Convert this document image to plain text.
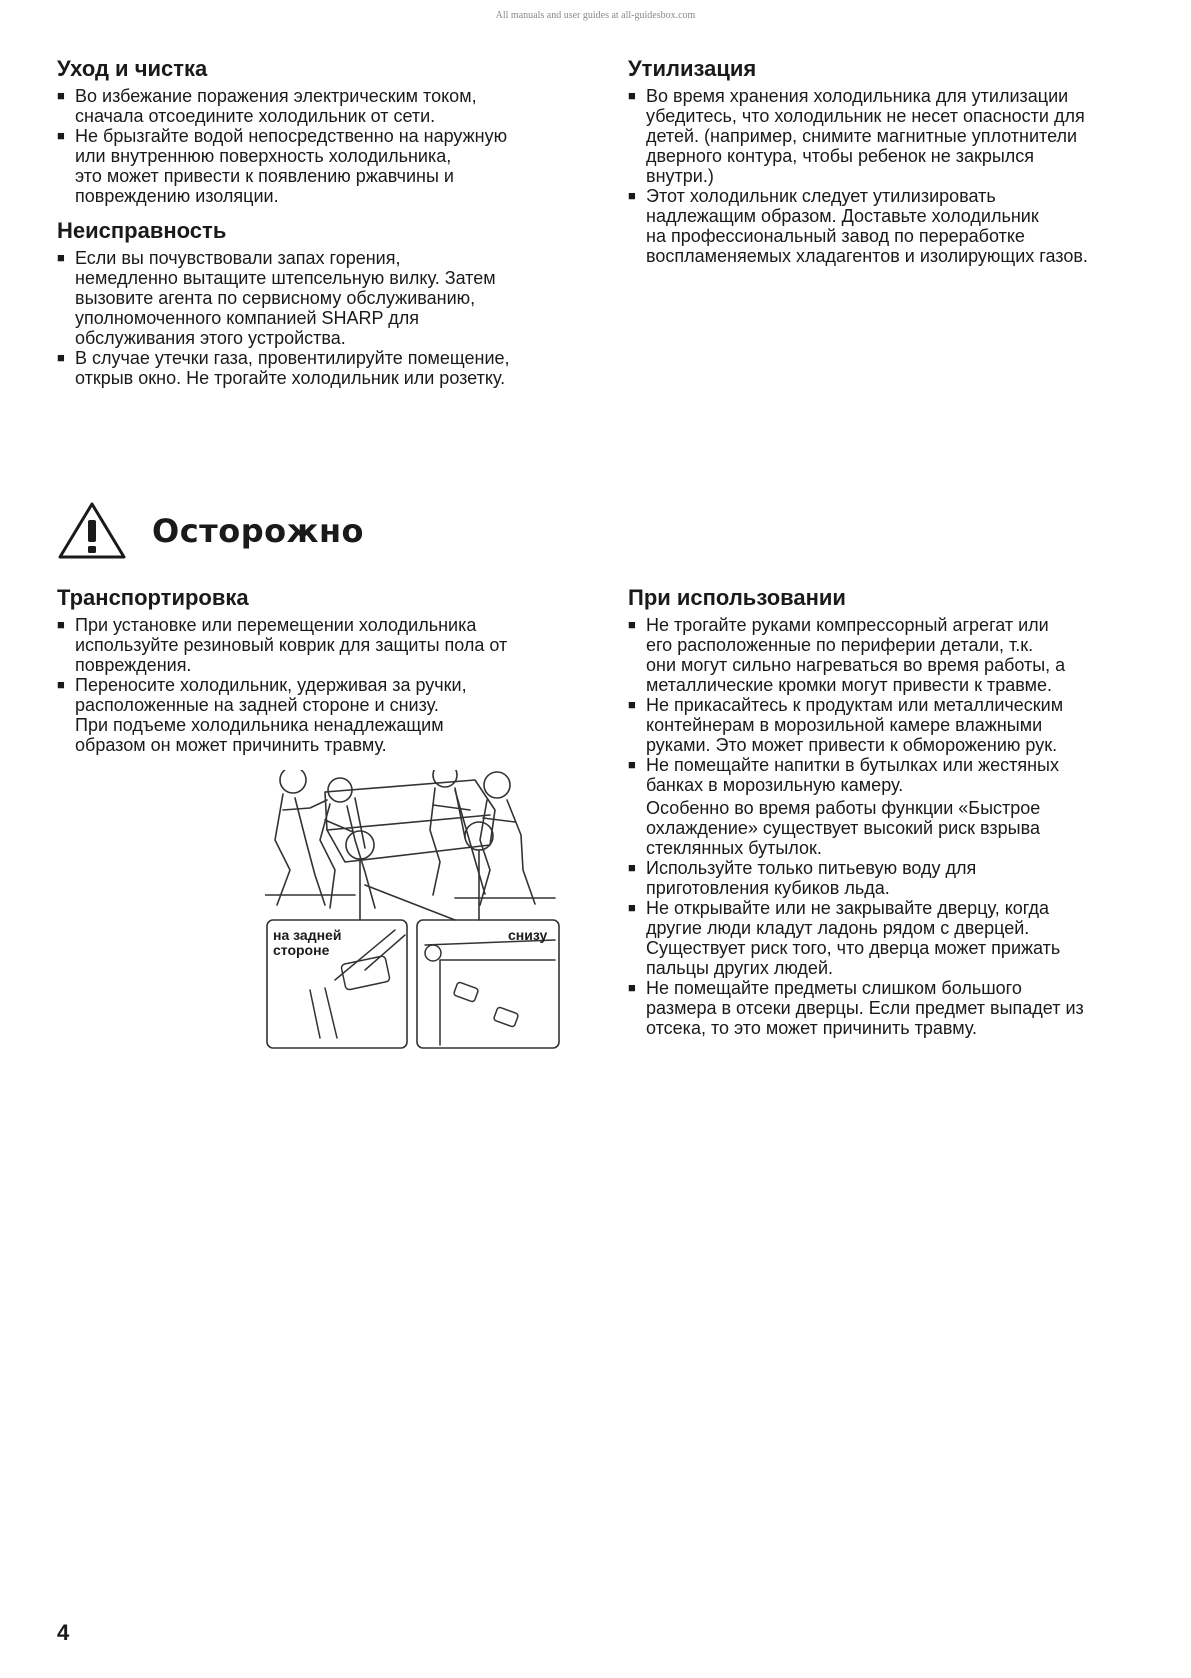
All manuals and user guides at all-guidesbox.com
Уход и чистка
■ Во избежание поражения электрическим током,
сначала отсоедините холодильник от сети.
■ Не брызгайте водой непосредственно на наружную
или внутреннюю поверхность холодильника,
это может привести к появлению ржавчины и
повреждению изоляции.
Неисправность
■ Если вы почувствовали запах горения,
немедленно вытащите штепсельную вилку. Затем
вызовите агента по сервисному обслуживанию,
уполномоченного компанией SHARP для
обслуживания этого устройства.
■ В случае утечки газа, провентилируйте помещение,
открыв окно. Не трогайте холодильник или розетку.
Утилизация
■ Во время хранения холодильника для утилизации
убедитесь, что холодильник не несет опасности для
детей. (например, снимите магнитные уплотнители
дверного контура, чтобы ребенок не закрылся
внутри.)
■ Этот холодильник следует утилизировать
надлежащим образом. Доставьте холодильник
на профессиональный завод по переработке
воспламеняемых хладагентов и изолирующих газов.
Осторожно
Транспортировка
■ При установке или перемещении холодильника
используйте резиновый коврик для защиты пола от
повреждения.
■ Переносите холодильник, удерживая за ручки,
расположенные на задней стороне и снизу.
При подъеме холодильника ненадлежащим
образом он может причинить травму.
на задней
стороне
снизу
При использовании
■ Не трогайте руками компрессорный агрегат или
его расположенные по периферии детали, т.к.
они могут сильно нагреваться во время работы, а
металлические кромки могут привести к травме.
■ Не прикасайтесь к продуктам или металлическим
контейнерам в морозильной камере влажными
руками. Это может привести к обморожению рук.
■ Не помещайте напитки в бутылках или жестяных
банках в морозильную камеру.
Особенно во время работы функции «Быстрое
охлаждение» существует высокий риск взрыва
стеклянных бутылок.
■ Используйте только питьевую воду для
приготовления кубиков льда.
■ Не открывайте или не закрывайте дверцу, когда
другие люди кладут ладонь рядом с дверцей.
Существует риск того, что дверца может прижать
пальцы других людей.
■ Не помещайте предметы слишком большого
размера в отсеки дверцы. Если предмет выпадет из
отсека, то это может причинить травму.
4
